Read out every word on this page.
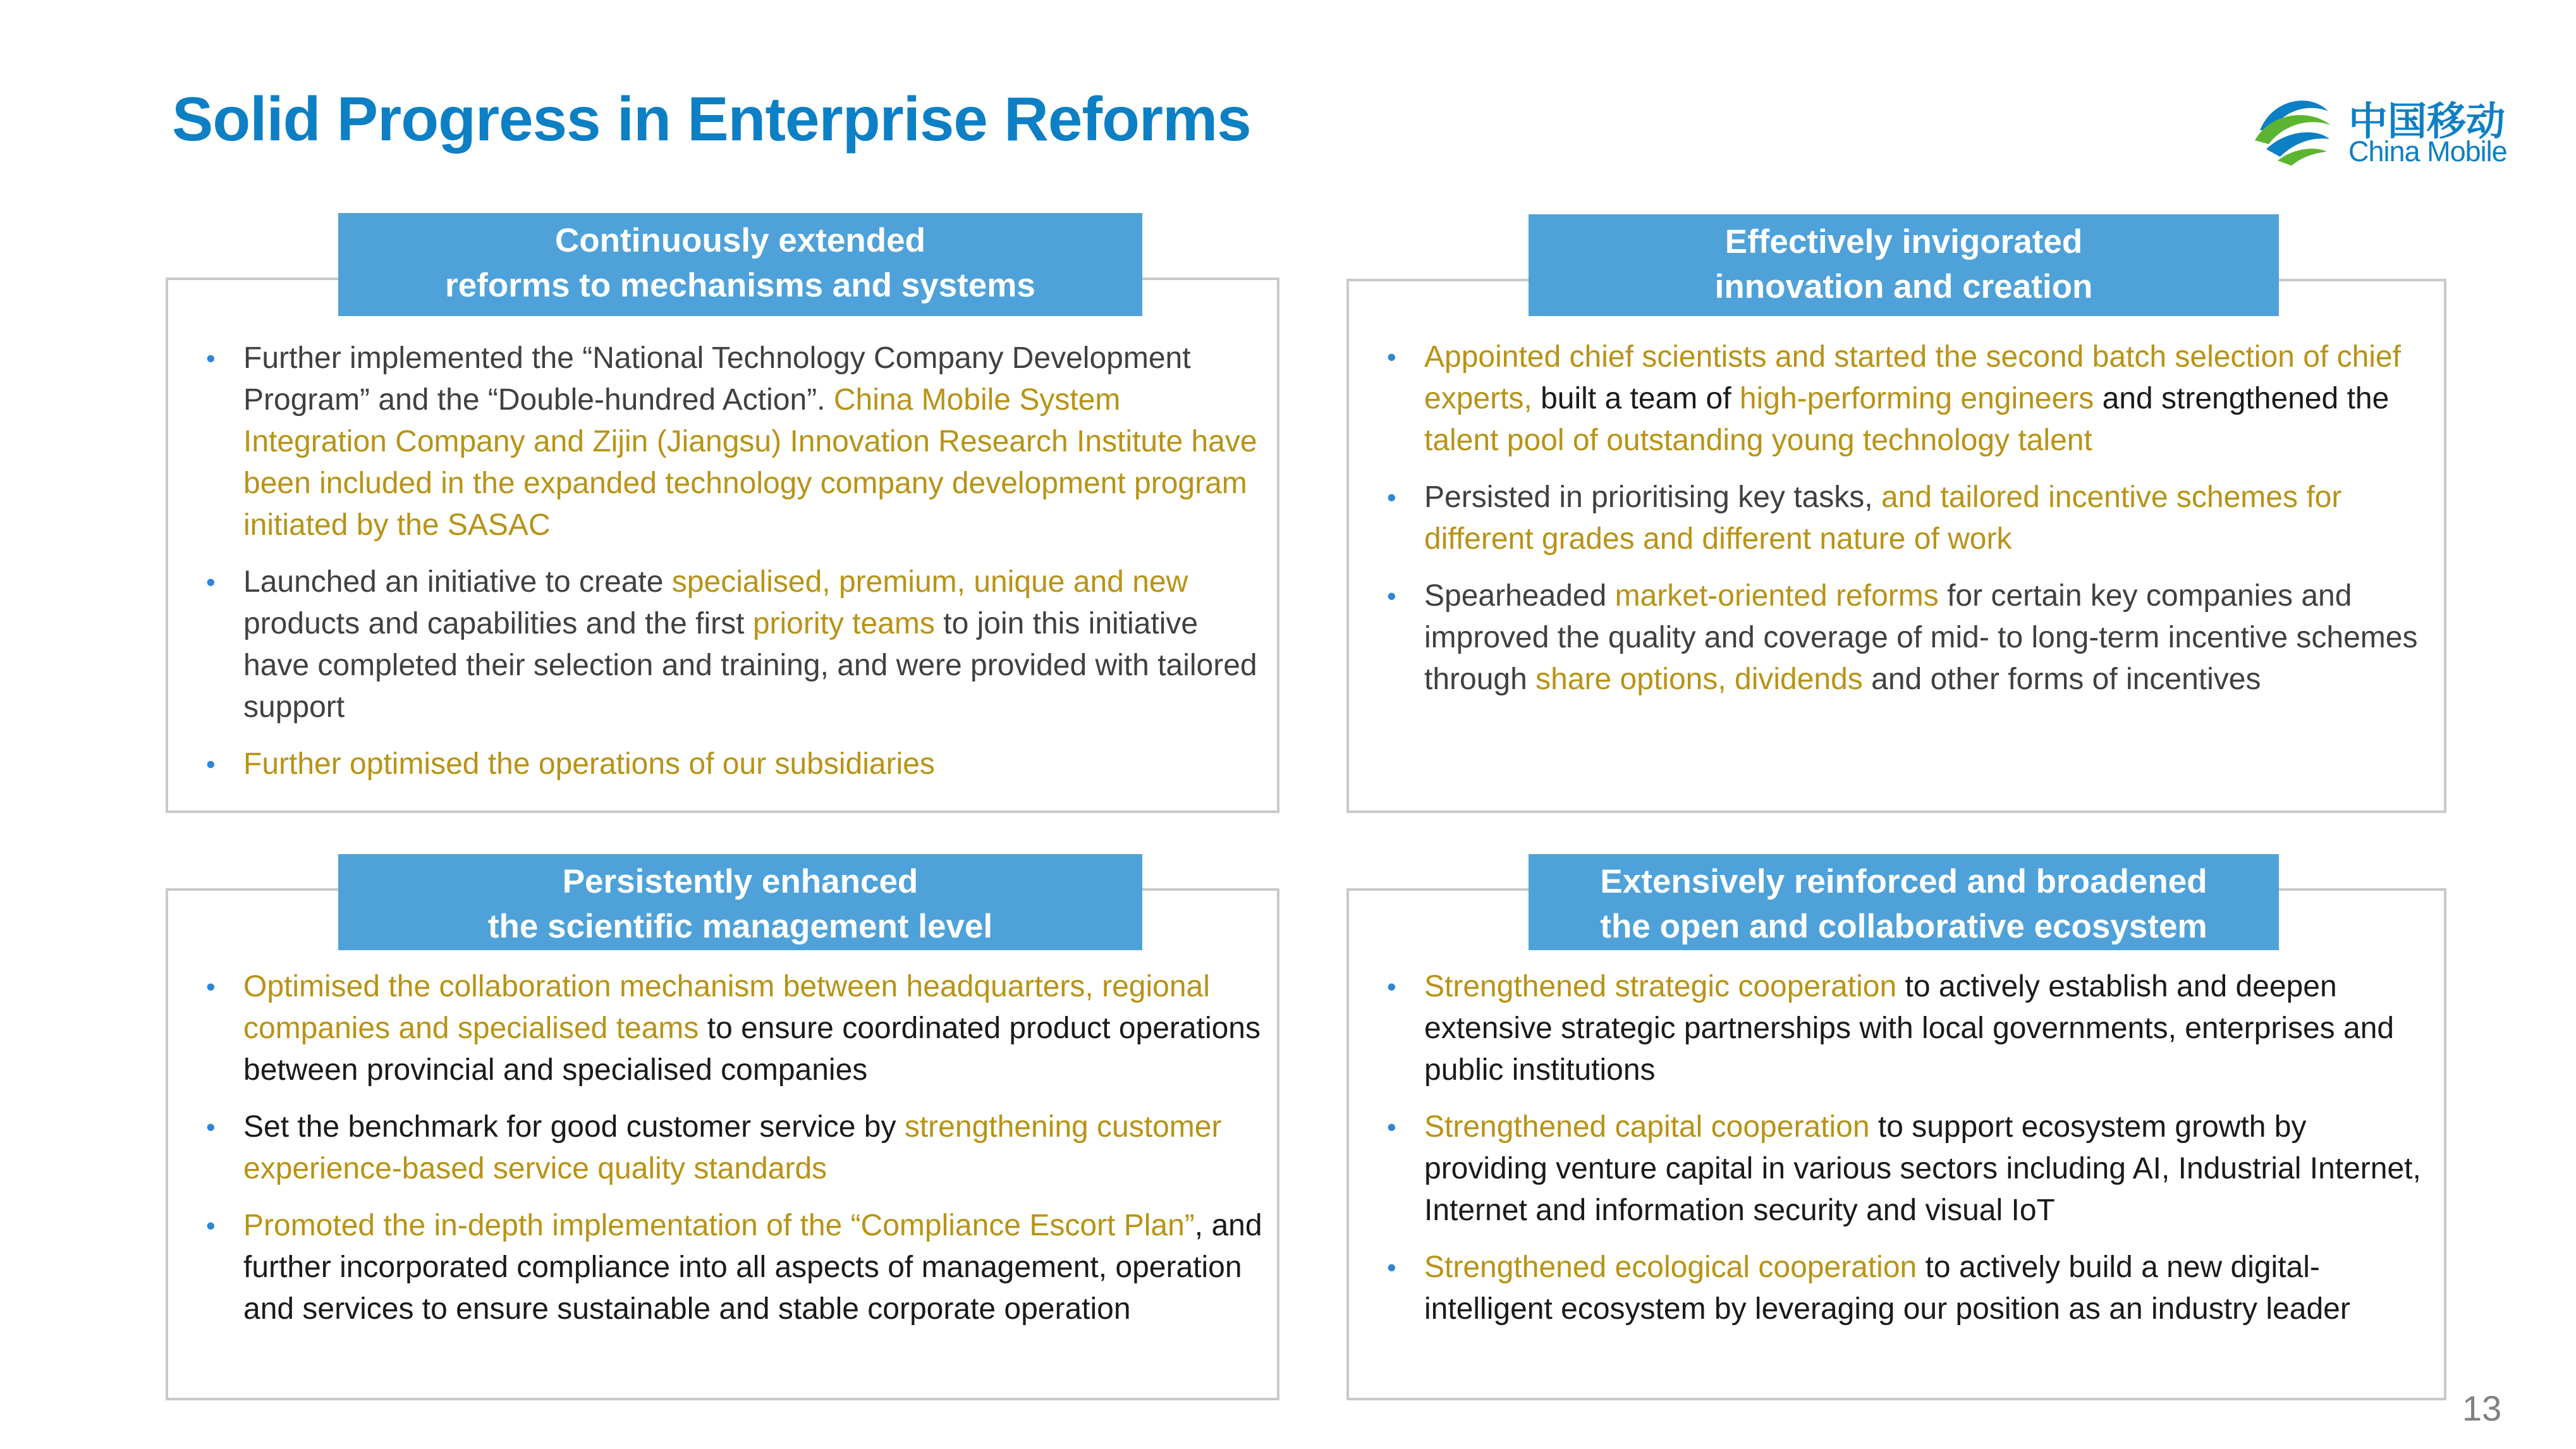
Solid Progress in Enterprise Reforms	中国移动
China Mobile
Continuously extended
reforms to mechanisms and systems
Effectively invigorated
innovation and creation
Persistently enhanced
the scientific management level
Extensively reinforced and broadened
the open and collaborative ecosystem
• Further implemented the “National Technology Company Development Program” and the “Double-hundred Action”. China Mobile System Integration Company and Zijin (Jiangsu) Innovation Research Institute have been included in the expanded technology company development program initiated by the SASAC
• Launched an initiative to create specialised, premium, unique and new products and capabilities and the first priority teams to join this initiative have completed their selection and training, and were provided with tailored support
• Further optimised the operations of our subsidiaries
• Appointed chief scientists and started the second batch selection of chief experts, built a team of high-performing engineers and strengthened the talent pool of outstanding young technology talent
• Persisted in prioritising key tasks, and tailored incentive schemes for different grades and different nature of work
• Spearheaded market-oriented reforms for certain key companies and improved the quality and coverage of mid- to long-term incentive schemes through share options, dividends and other forms of incentives
• Optimised the collaboration mechanism between headquarters, regional companies and specialised teams to ensure coordinated product operations between provincial and specialised companies
• Set the benchmark for good customer service by strengthening customer experience-based service quality standards
• Promoted the in-depth implementation of the “Compliance Escort Plan”, and further incorporated compliance into all aspects of management, operation and services to ensure sustainable and stable corporate operation
• Strengthened strategic cooperation to actively establish and deepen extensive strategic partnerships with local governments, enterprises and public institutions
• Strengthened capital cooperation to support ecosystem growth by providing venture capital in various sectors including AI, Industrial Internet, Internet and information security and visual IoT
• Strengthened ecological cooperation to actively build a new digital-intelligent ecosystem by leveraging our position as an industry leader
13
